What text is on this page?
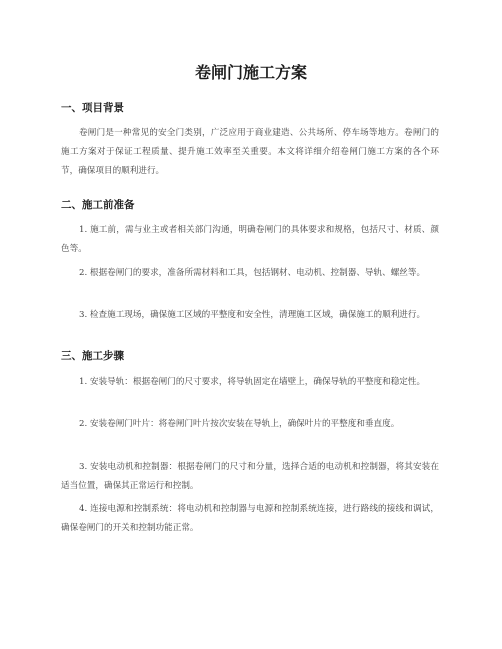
卷闸门施工方案
一、项目背景

卷闸门是一种常见的安全门类别，广泛应用于商业建造、公共场所、停车场等地方。卷闸门的施工方案对于保证工程质量、提升施工效率至关重要。本文将详细介绍卷闸门施工方案的各个环节，确保项目的顺利进行。

二、施工前准备

1. 施工前，需与业主或者相关部门沟通，明确卷闸门的具体要求和规格，包括尺寸、材质、颜色等。

2. 根据卷闸门的要求，准备所需材料和工具，包括钢材、电动机、控制器、导轨、螺丝等。

3. 检查施工现场，确保施工区域的平整度和安全性，清理施工区域，确保施工的顺利进行。

三、施工步骤

1. 安装导轨：根据卷闸门的尺寸要求，将导轨固定在墙壁上，确保导轨的平整度和稳定性。

2. 安装卷闸门叶片：将卷闸门叶片按次安装在导轨上，确保叶片的平整度和垂直度。

3. 安装电动机和控制器：根据卷闸门的尺寸和分量，选择合适的电动机和控制器，将其安装在适当位置，确保其正常运行和控制。

4. 连接电源和控制系统：将电动机和控制器与电源和控制系统连接，进行路线的接线和调试，确保卷闸门的开关和控制功能正常。
